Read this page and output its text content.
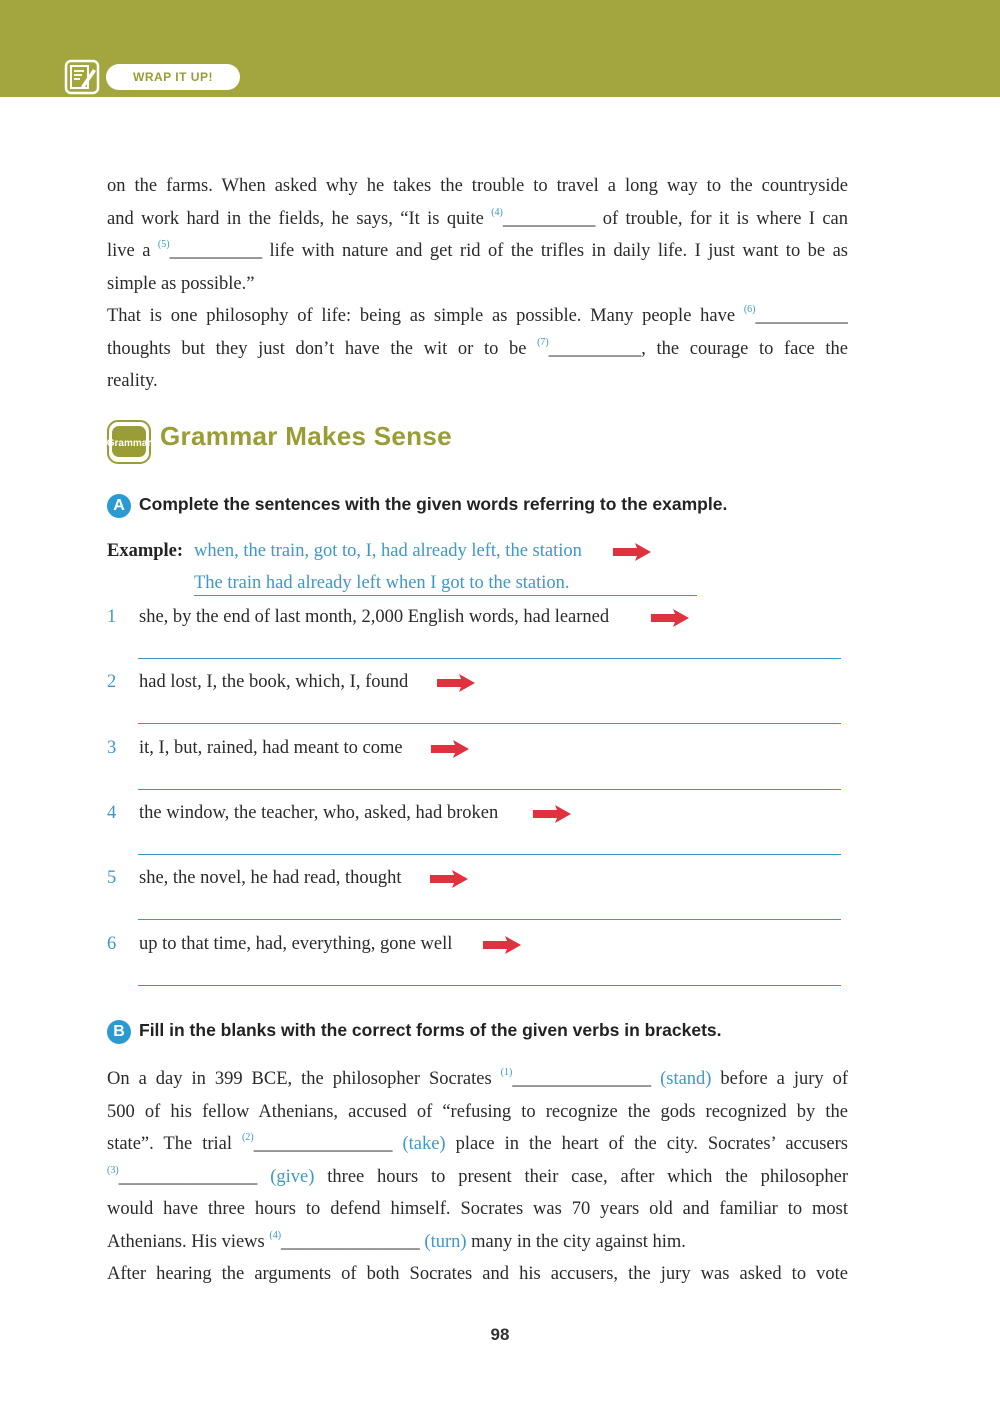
WRAP IT UP!
on the farms. When asked why he takes the trouble to travel a long way to the countryside
and work hard in the fields, he says, “It is quite $^{(4)}$__________ of trouble, for it is where I can
live a $^{(5)}$__________ life with nature and get rid of the trifles in daily life. I just want to be as
simple as possible.”
That is one philosophy of life: being as simple as possible. Many people have $^{(6)}$__________
thoughts but they just don’t have the wit or to be $^{(7)}$__________, the courage to face the
reality.
Grammar Grammar Makes Sense
A Complete the sentences with the given words referring to the example.
Example: when, the train, got to, I, had already left, the station
The train had already left when I got to the station.
1 she, by the end of last month, 2,000 English words, had learned
2 had lost, I, the book, which, I, found
3 it, I, but, rained, had meant to come
4 the window, the teacher, who, asked, had broken
5 she, the novel, he had read, thought
6 up to that time, had, everything, gone well
B Fill in the blanks with the correct forms of the given verbs in brackets.
On a day in 399 BCE, the philosopher Socrates $^{(1)}$_______________ (stand) before a jury of
500 of his fellow Athenians, accused of “refusing to recognize the gods recognized by the
state”. The trial $^{(2)}$_______________ (take) place in the heart of the city. Socrates’ accusers
$^{(3)}$_______________ (give) three hours to present their case, after which the philosopher
would have three hours to defend himself. Socrates was 70 years old and familiar to most
Athenians. His views $^{(4)}$_______________ (turn) many in the city against him.
After hearing the arguments of both Socrates and his accusers, the jury was asked to vote
98
